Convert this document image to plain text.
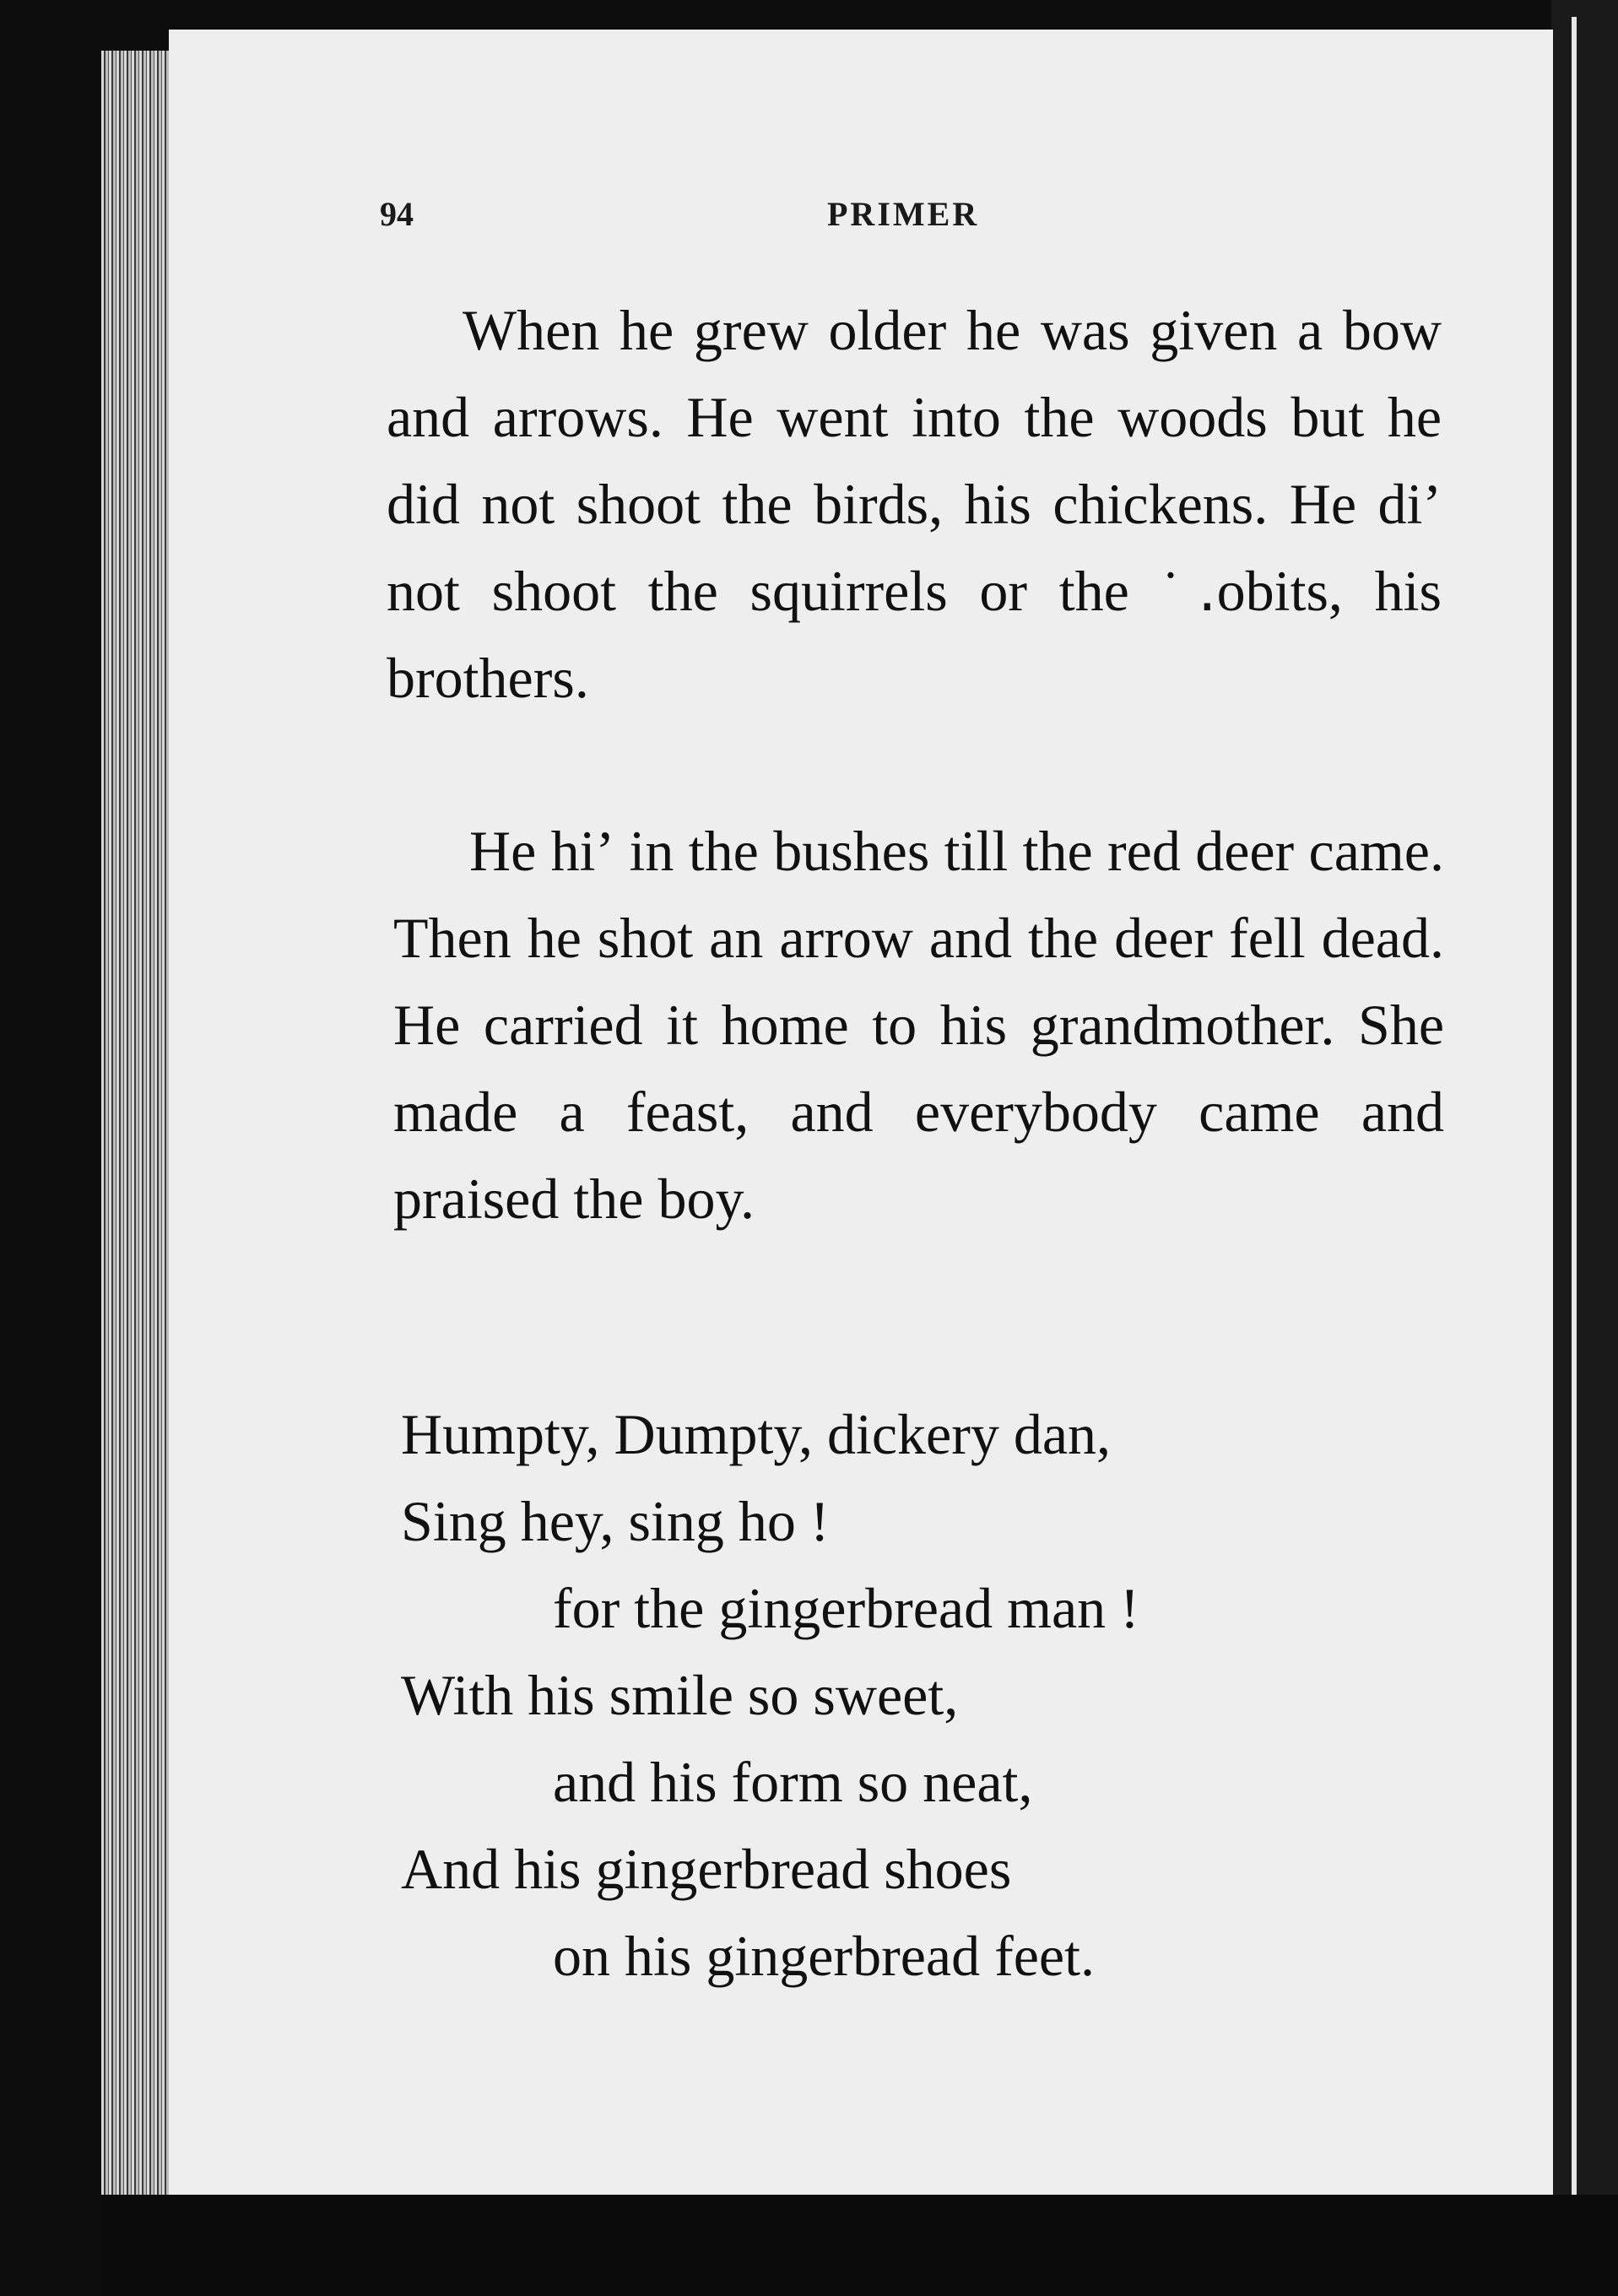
94	PRIMER

When he grew older he was given a bow and arrows. He went into the woods but he did not shoot the birds, his chickens. He diʼ not shoot the squirrels or the ˙․obits, his brothers.

He hiʼ in the bushes till the red deer came. Then he shot an arrow and the deer fell dead. He carried it home to his grandmother. She made a feast, and everybody came and praised the boy.

Humpty, Dumpty, dickery dan,
Sing hey, sing ho !
for the gingerbread man !
With his smile so sweet,
and his form so neat,
And his gingerbread shoes
on his gingerbread feet.
